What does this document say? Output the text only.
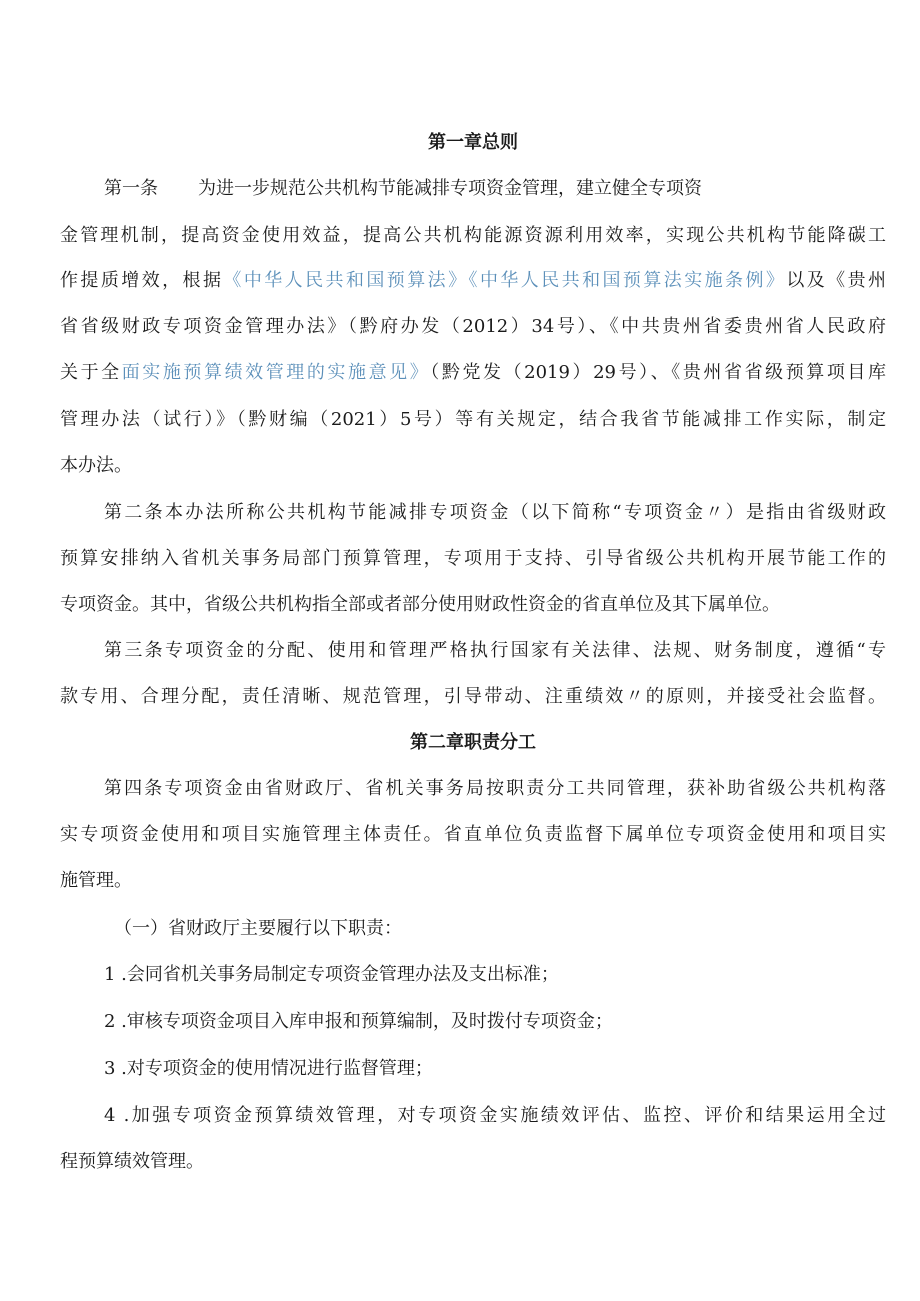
第一章总则

第一条 为进一步规范公共机构节能减排专项资金管理，建立健全专项资

金管理机制，提高资金使用效益，提高公共机构能源资源利用效率，实现公共机构节能降碳工

作提质增效，根据《中华人民共和国预算法》《中华人民共和国预算法实施条例》以及《贵州

省省级财政专项资金管理办法》（黔府办发（2012）34号）、《中共贵州省委贵州省人民政府

关于全面实施预算绩效管理的实施意见》（黔党发（2019）29号）、《贵州省省级预算项目库

管理办法（试行）》（黔财编（2021）5号）等有关规定，结合我省节能减排工作实际，制定

本办法。

第二条本办法所称公共机构节能减排专项资金（以下简称“专项资金〃）是指由省级财政

预算安排纳入省机关事务局部门预算管理，专项用于支持、引导省级公共机构开展节能工作的

专项资金。其中，省级公共机构指全部或者部分使用财政性资金的省直单位及其下属单位。

第三条专项资金的分配、使用和管理严格执行国家有关法律、法规、财务制度，遵循“专

款专用、合理分配，责任清晰、规范管理，引导带动、注重绩效〃的原则，并接受社会监督。

第二章职责分工

第四条专项资金由省财政厅、省机关事务局按职责分工共同管理，获补助省级公共机构落

实专项资金使用和项目实施管理主体责任。省直单位负责监督下属单位专项资金使用和项目实

施管理。

（一）省财政厅主要履行以下职责：

1 .会同省机关事务局制定专项资金管理办法及支出标准；

2 .审核专项资金项目入库申报和预算编制，及时拨付专项资金；

3 .对专项资金的使用情况进行监督管理；

4 .加强专项资金预算绩效管理，对专项资金实施绩效评估、监控、评价和结果运用全过

程预算绩效管理。
